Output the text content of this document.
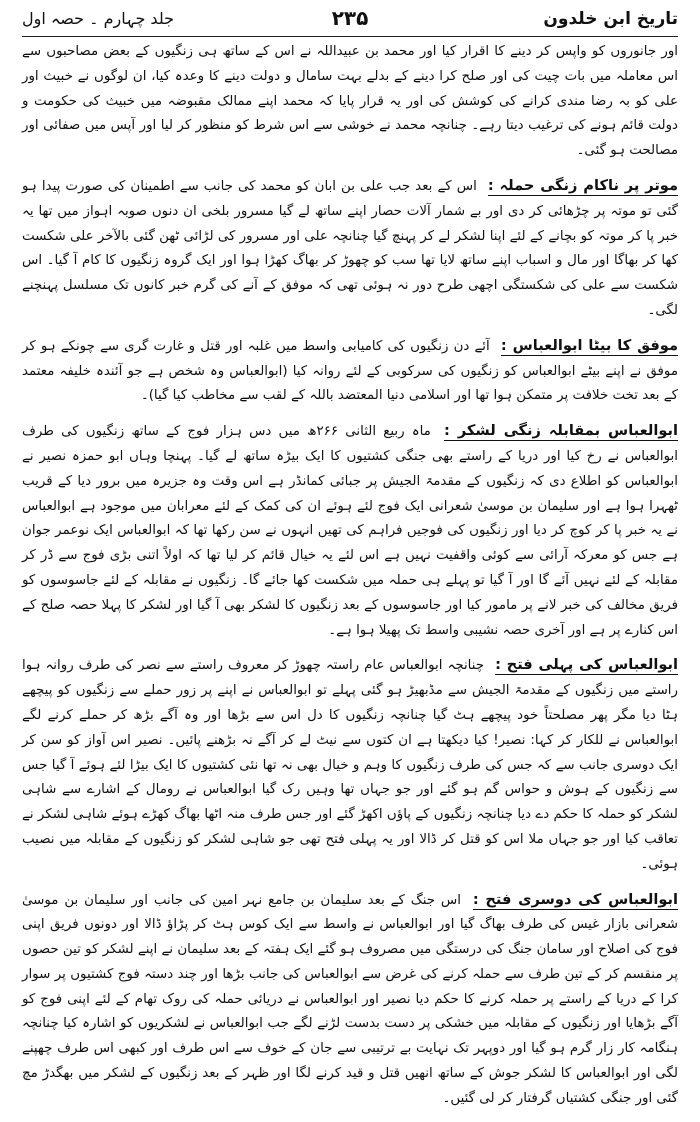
تاریخ ابن خلدون
۲۳۵
جلد چہارم ۔ حصہ اول

اور جانوروں کو واپس کر دینے کا اقرار کیا اور محمد بن عبیداللہ نے اس کے ساتھ ہی زنگیوں کے بعض مصاحبوں سے اس معاملہ میں بات چیت کی اور صلح کرا دینے کے بدلے بہت سامال و دولت دینے کا وعدہ کیا، ان لوگوں نے خبیث اور علی کو بہ رضا مندی کرانے کی کوشش کی اور یہ قرار پایا کہ محمد اپنے ممالک مقبوضہ میں خبیث کی حکومت و دولت قائم ہونے کی ترغیب دیتا رہے۔ چنانچہ محمد نے خوشی سے اس شرط کو منظور کر لیا اور آپس میں صفائی اور مصالحت ہو گئی۔

موتر پر ناکام زنگی حملہ : اس کے بعد جب علی بن ابان کو محمد کی جانب سے اطمینان کی صورت پیدا ہو گئی تو موتہ پر چڑھائی کر دی اور بے شمار آلات حصار اپنے ساتھ لے گیا مسرور بلخی ان دنوں صوبہ اہواز میں تھا یہ خبر پا کر موتہ کو بچانے کے لئے اپنا لشکر لے کر پہنچ گیا چنانچہ علی اور مسرور کی لڑائی ٹھن گئی بالآخر علی شکست کھا کر بھاگا اور مال و اسباب اپنے ساتھ لایا تھا سب کو چھوڑ کر بھاگ کھڑا ہوا اور ایک گروہ زنگیوں کا کام آ گیا۔ اس شکست سے علی کی شکستگی اچھی طرح دور نہ ہوئی تھی کہ موفق کے آنے کی گرم خبر کانوں تک مسلسل پہنچنے لگی۔

موفق کا بیٹا ابوالعباس : آئے دن زنگیوں کی کامیابی واسط میں غلبہ اور قتل و غارت گری سے چونکے ہو کر موفق نے اپنے بیٹے ابوالعباس کو زنگیوں کی سرکوبی کے لئے روانہ کیا (ابوالعباس وہ شخص ہے جو آئندہ خلیفہ معتمد کے بعد تخت خلافت پر متمکن ہوا تھا اور اسلامی دنیا المعتضد باللہ کے لقب سے مخاطب کیا گیا)۔

ابوالعباس بمقابلہ زنگی لشکر : ماہ ربیع الثانی ۲۶۶ھ میں دس ہزار فوج کے ساتھ زنگیوں کی طرف ابوالعباس نے رخ کیا اور دریا کے راستے بھی جنگی کشتیوں کا ایک بیڑہ ساتھ لے گیا۔ پہنچا وہاں ابو حمزہ نصیر نے ابوالعباس کو اطلاع دی کہ زنگیوں کے مقدمۃ الجیش پر جبائی کمانڈر ہے اس وقت وہ جزیرہ میں برور دیا کے قریب ٹھہرا ہوا ہے اور سلیمان بن موسیٰ شعرانی ایک فوج لئے ہوئے ان کی کمک کے لئے معرابان میں موجود ہے ابوالعباس نے یہ خبر پا کر کوچ کر دیا اور زنگیوں کی فوجیں فراہم کی تھیں انہوں نے سن رکھا تھا کہ ابوالعباس ایک نوعمر جوان ہے جس کو معرکہ آرائی سے کوئی واقفیت نہیں ہے اس لئے یہ خیال قائم کر لیا تھا کہ اولاً اتنی بڑی فوج سے ڈر کر مقابلہ کے لئے نہیں آئے گا اور آ گیا تو پہلے ہی حملہ میں شکست کھا جائے گا۔ زنگیوں نے مقابلہ کے لئے جاسوسوں کو فریق مخالف کی خبر لانے پر مامور کیا اور جاسوسوں کے بعد زنگیوں کا لشکر بھی آ گیا اور لشکر کا پہلا حصہ صلح کے اس کنارے پر ہے اور آخری حصہ نشیبی واسط تک پھیلا ہوا ہے۔

ابوالعباس کی پہلی فتح : چنانچہ ابوالعباس عام راستہ چھوڑ کر معروف راستے سے نصر کی طرف روانہ ہوا راستے میں زنگیوں کے مقدمۃ الجیش سے مڈبھیڑ ہو گئی پہلے تو ابوالعباس نے اپنے پر زور حملے سے زنگیوں کو پیچھے ہٹا دیا مگر پھر مصلحتاً خود پیچھے ہٹ گیا چنانچہ زنگیوں کا دل اس سے بڑھا اور وہ آگے بڑھ کر حملے کرنے لگے ابوالعباس نے للکار کر کہا: نصیر! کیا دیکھتا ہے ان کتوں سے نیٹ لے کر آگے نہ بڑھنے پائیں۔ نصیر اس آواز کو سن کر ایک دوسری جانب سے کہ جس کی طرف زنگیوں کا وہم و خیال بھی نہ تھا نئی کشتیوں کا ایک بیڑا لئے ہوئے آ گیا جس سے زنگیوں کے ہوش و حواس گم ہو گئے اور جو جہاں تھا وہیں رک گیا ابوالعباس نے رومال کے اشارے سے شاہی لشکر کو حملہ کا حکم دے دیا چنانچہ زنگیوں کے پاؤں اکھڑ گئے اور جس طرف منہ اٹھا بھاگ کھڑے ہوئے شاہی لشکر نے تعاقب کیا اور جو جہاں ملا اس کو قتل کر ڈالا اور یہ پہلی فتح تھی جو شاہی لشکر کو زنگیوں کے مقابلہ میں نصیب ہوئی۔

ابوالعباس کی دوسری فتح : اس جنگ کے بعد سلیمان بن جامع نہر امین کی جانب اور سلیمان بن موسیٰ شعرانی بازار غیس کی طرف بھاگ گیا اور ابوالعباس نے واسط سے ایک کوس ہٹ کر پڑاؤ ڈالا اور دونوں فریق اپنی فوج کی اصلاح اور سامان جنگ کی درستگی میں مصروف ہو گئے ایک ہفتہ کے بعد سلیمان نے اپنے لشکر کو تین حصوں پر منقسم کر کے تین طرف سے حملہ کرنے کی غرض سے ابوالعباس کی جانب بڑھا اور چند دستہ فوج کشتیوں پر سوار کرا کے دریا کے راستے پر حملہ کرنے کا حکم دیا نصیر اور ابوالعباس نے دریائی حملہ کی روک تھام کے لئے اپنی فوج کو آگے بڑھایا اور زنگیوں کے مقابلہ میں خشکی پر دست بدست لڑنے لگے جب ابوالعباس نے لشکریوں کو اشارہ کیا چنانچہ ہنگامہ کار زار گرم ہو گیا اور دوپہر تک نہایت بے ترتیبی سے جان کے خوف سے اس طرف اور کبھی اس طرف چھپنے لگی اور ابوالعباس کا لشکر جوش کے ساتھ انھیں قتل و قید کرنے لگا اور ظہر کے بعد زنگیوں کے لشکر میں بھگدڑ مچ گئی اور جنگی کشتیاں گرفتار کر لی گئیں۔
